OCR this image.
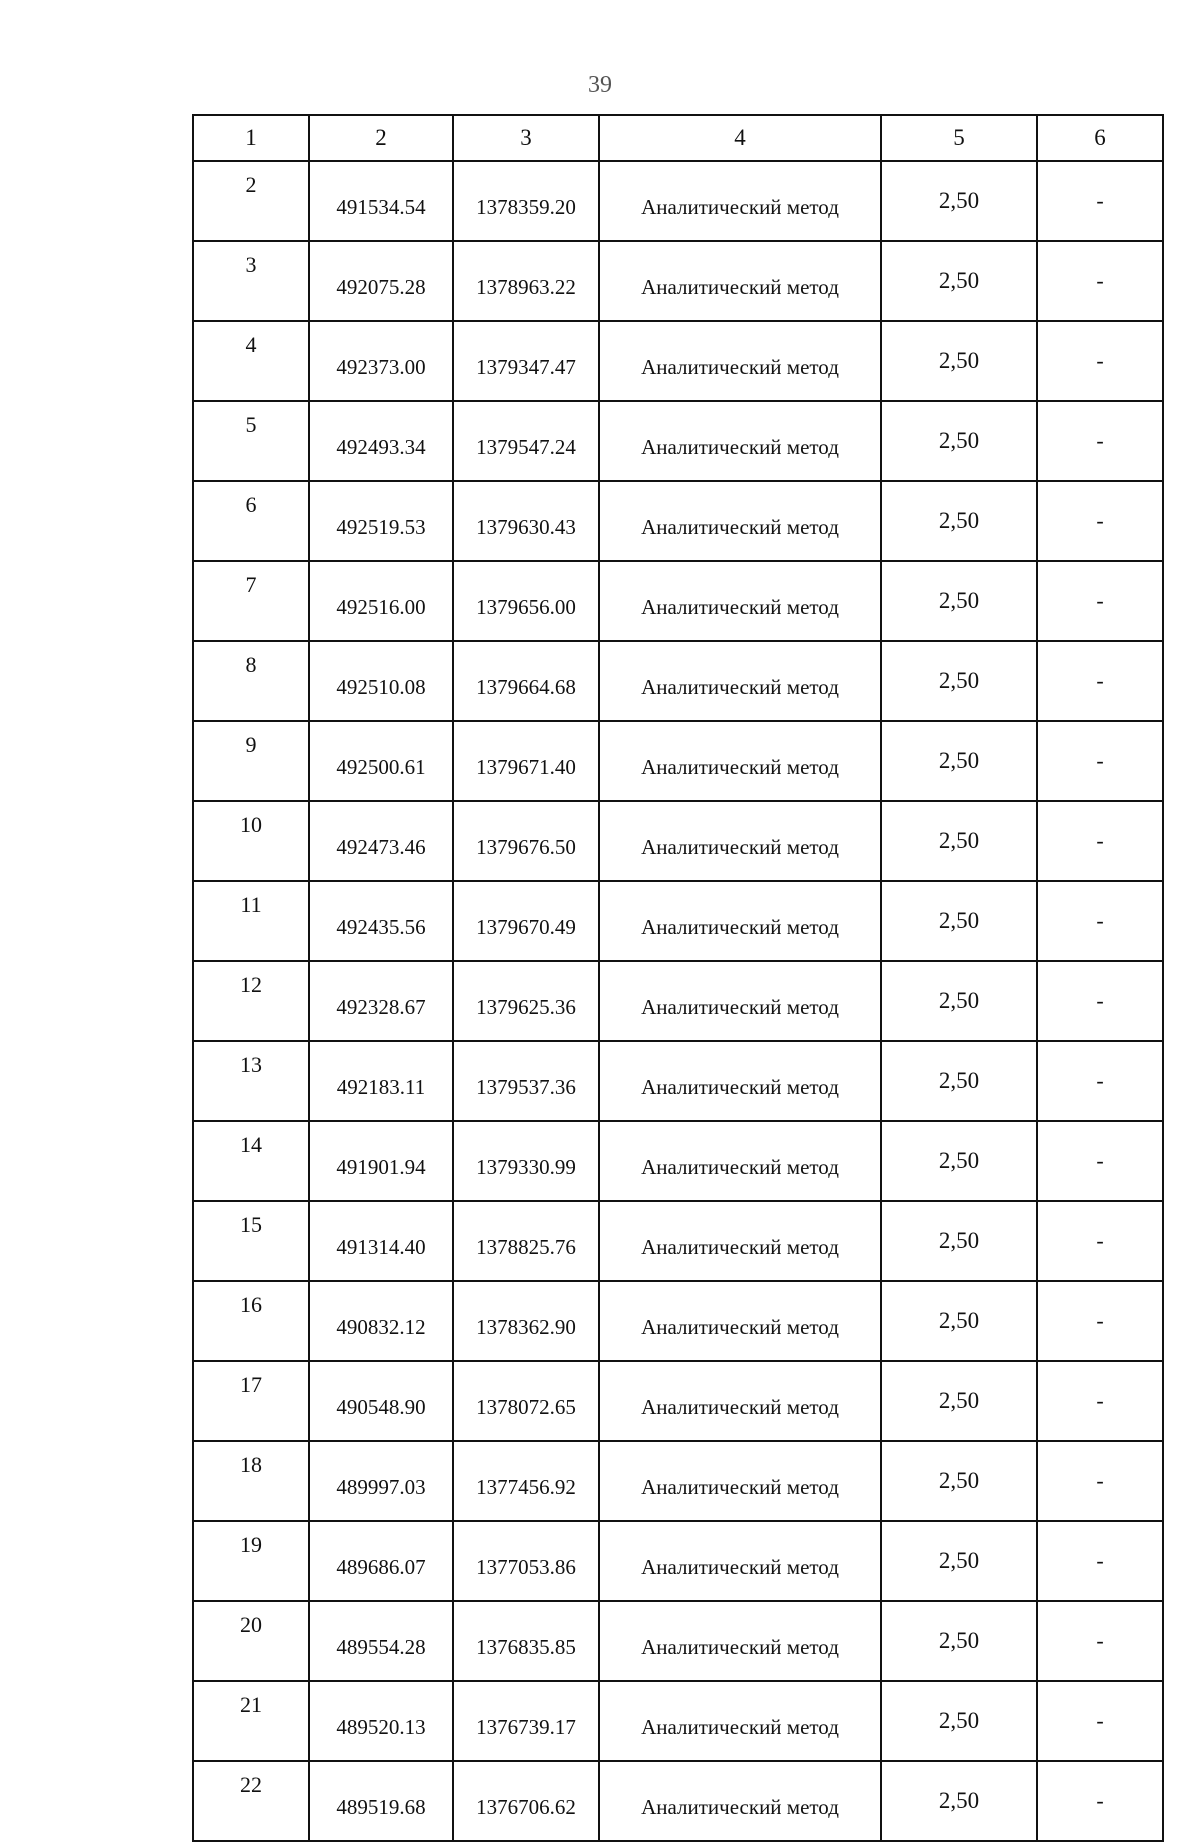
39
1	2	3	4	5	6
2	491534.54	1378359.20	Аналитический метод	2,50	-
3	492075.28	1378963.22	Аналитический метод	2,50	-
4	492373.00	1379347.47	Аналитический метод	2,50	-
5	492493.34	1379547.24	Аналитический метод	2,50	-
6	492519.53	1379630.43	Аналитический метод	2,50	-
7	492516.00	1379656.00	Аналитический метод	2,50	-
8	492510.08	1379664.68	Аналитический метод	2,50	-
9	492500.61	1379671.40	Аналитический метод	2,50	-
10	492473.46	1379676.50	Аналитический метод	2,50	-
11	492435.56	1379670.49	Аналитический метод	2,50	-
12	492328.67	1379625.36	Аналитический метод	2,50	-
13	492183.11	1379537.36	Аналитический метод	2,50	-
14	491901.94	1379330.99	Аналитический метод	2,50	-
15	491314.40	1378825.76	Аналитический метод	2,50	-
16	490832.12	1378362.90	Аналитический метод	2,50	-
17	490548.90	1378072.65	Аналитический метод	2,50	-
18	489997.03	1377456.92	Аналитический метод	2,50	-
19	489686.07	1377053.86	Аналитический метод	2,50	-
20	489554.28	1376835.85	Аналитический метод	2,50	-
21	489520.13	1376739.17	Аналитический метод	2,50	-
22	489519.68	1376706.62	Аналитический метод	2,50	-
